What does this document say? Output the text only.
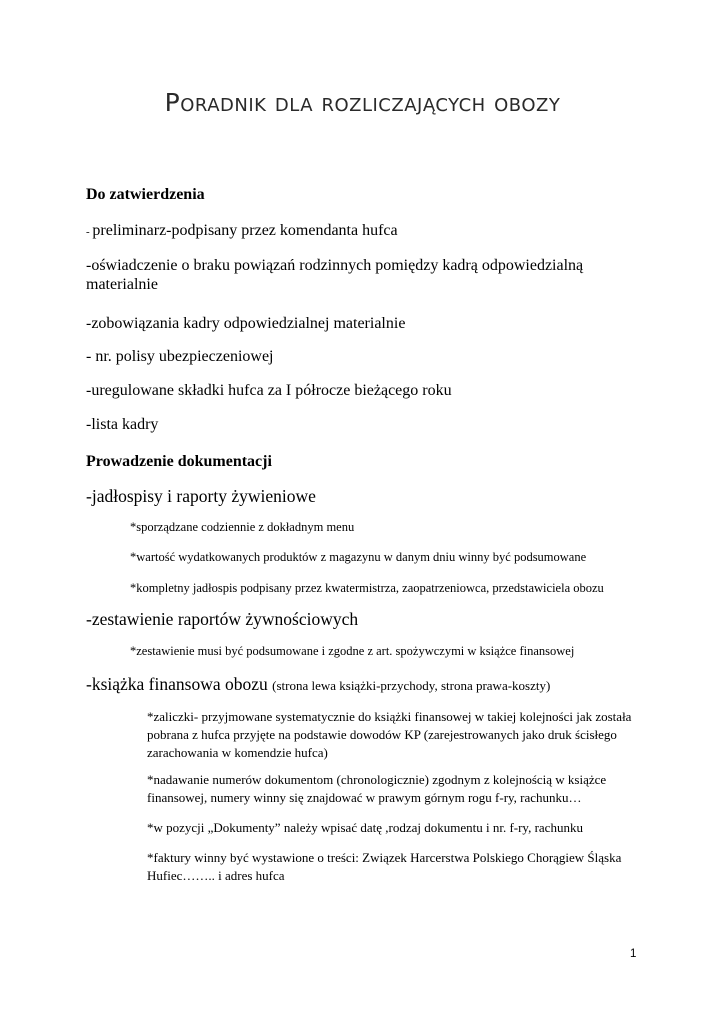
Poradnik dla rozliczających obozy

Do zatwierdzenia

- preliminarz-podpisany przez komendanta hufca

-oświadczenie o braku powiązań rodzinnych pomiędzy kadrą odpowiedzialną materialnie

-zobowiązania kadry odpowiedzialnej materialnie

- nr. polisy ubezpieczeniowej

-uregulowane składki hufca za I półrocze bieżącego roku

-lista kadry

Prowadzenie dokumentacji

-jadłospisy i raporty żywieniowe

*sporządzane codziennie z dokładnym menu

*wartość wydatkowanych produktów z magazynu w danym dniu winny być podsumowane

*kompletny jadłospis podpisany przez kwatermistrza, zaopatrzeniowca, przedstawiciela obozu

-zestawienie raportów żywnościowych

*zestawienie musi być podsumowane i zgodne z art. spożywczymi w książce finansowej

-książka finansowa obozu (strona lewa książki-przychody, strona prawa-koszty)

*zaliczki- przyjmowane systematycznie do książki finansowej w takiej kolejności jak została pobrana z hufca przyjęte na podstawie dowodów KP (zarejestrowanych jako druk ścisłego zarachowania w komendzie hufca)

*nadawanie numerów dokumentom (chronologicznie) zgodnym z kolejnością w książce finansowej, numery winny się znajdować w prawym górnym rogu f-ry, rachunku…

*w pozycji „Dokumenty” należy wpisać datę ,rodzaj dokumentu i nr. f-ry, rachunku

*faktury winny być wystawione o treści: Związek Harcerstwa Polskiego Chorągiew Śląska Hufiec…….. i adres hufca

1
